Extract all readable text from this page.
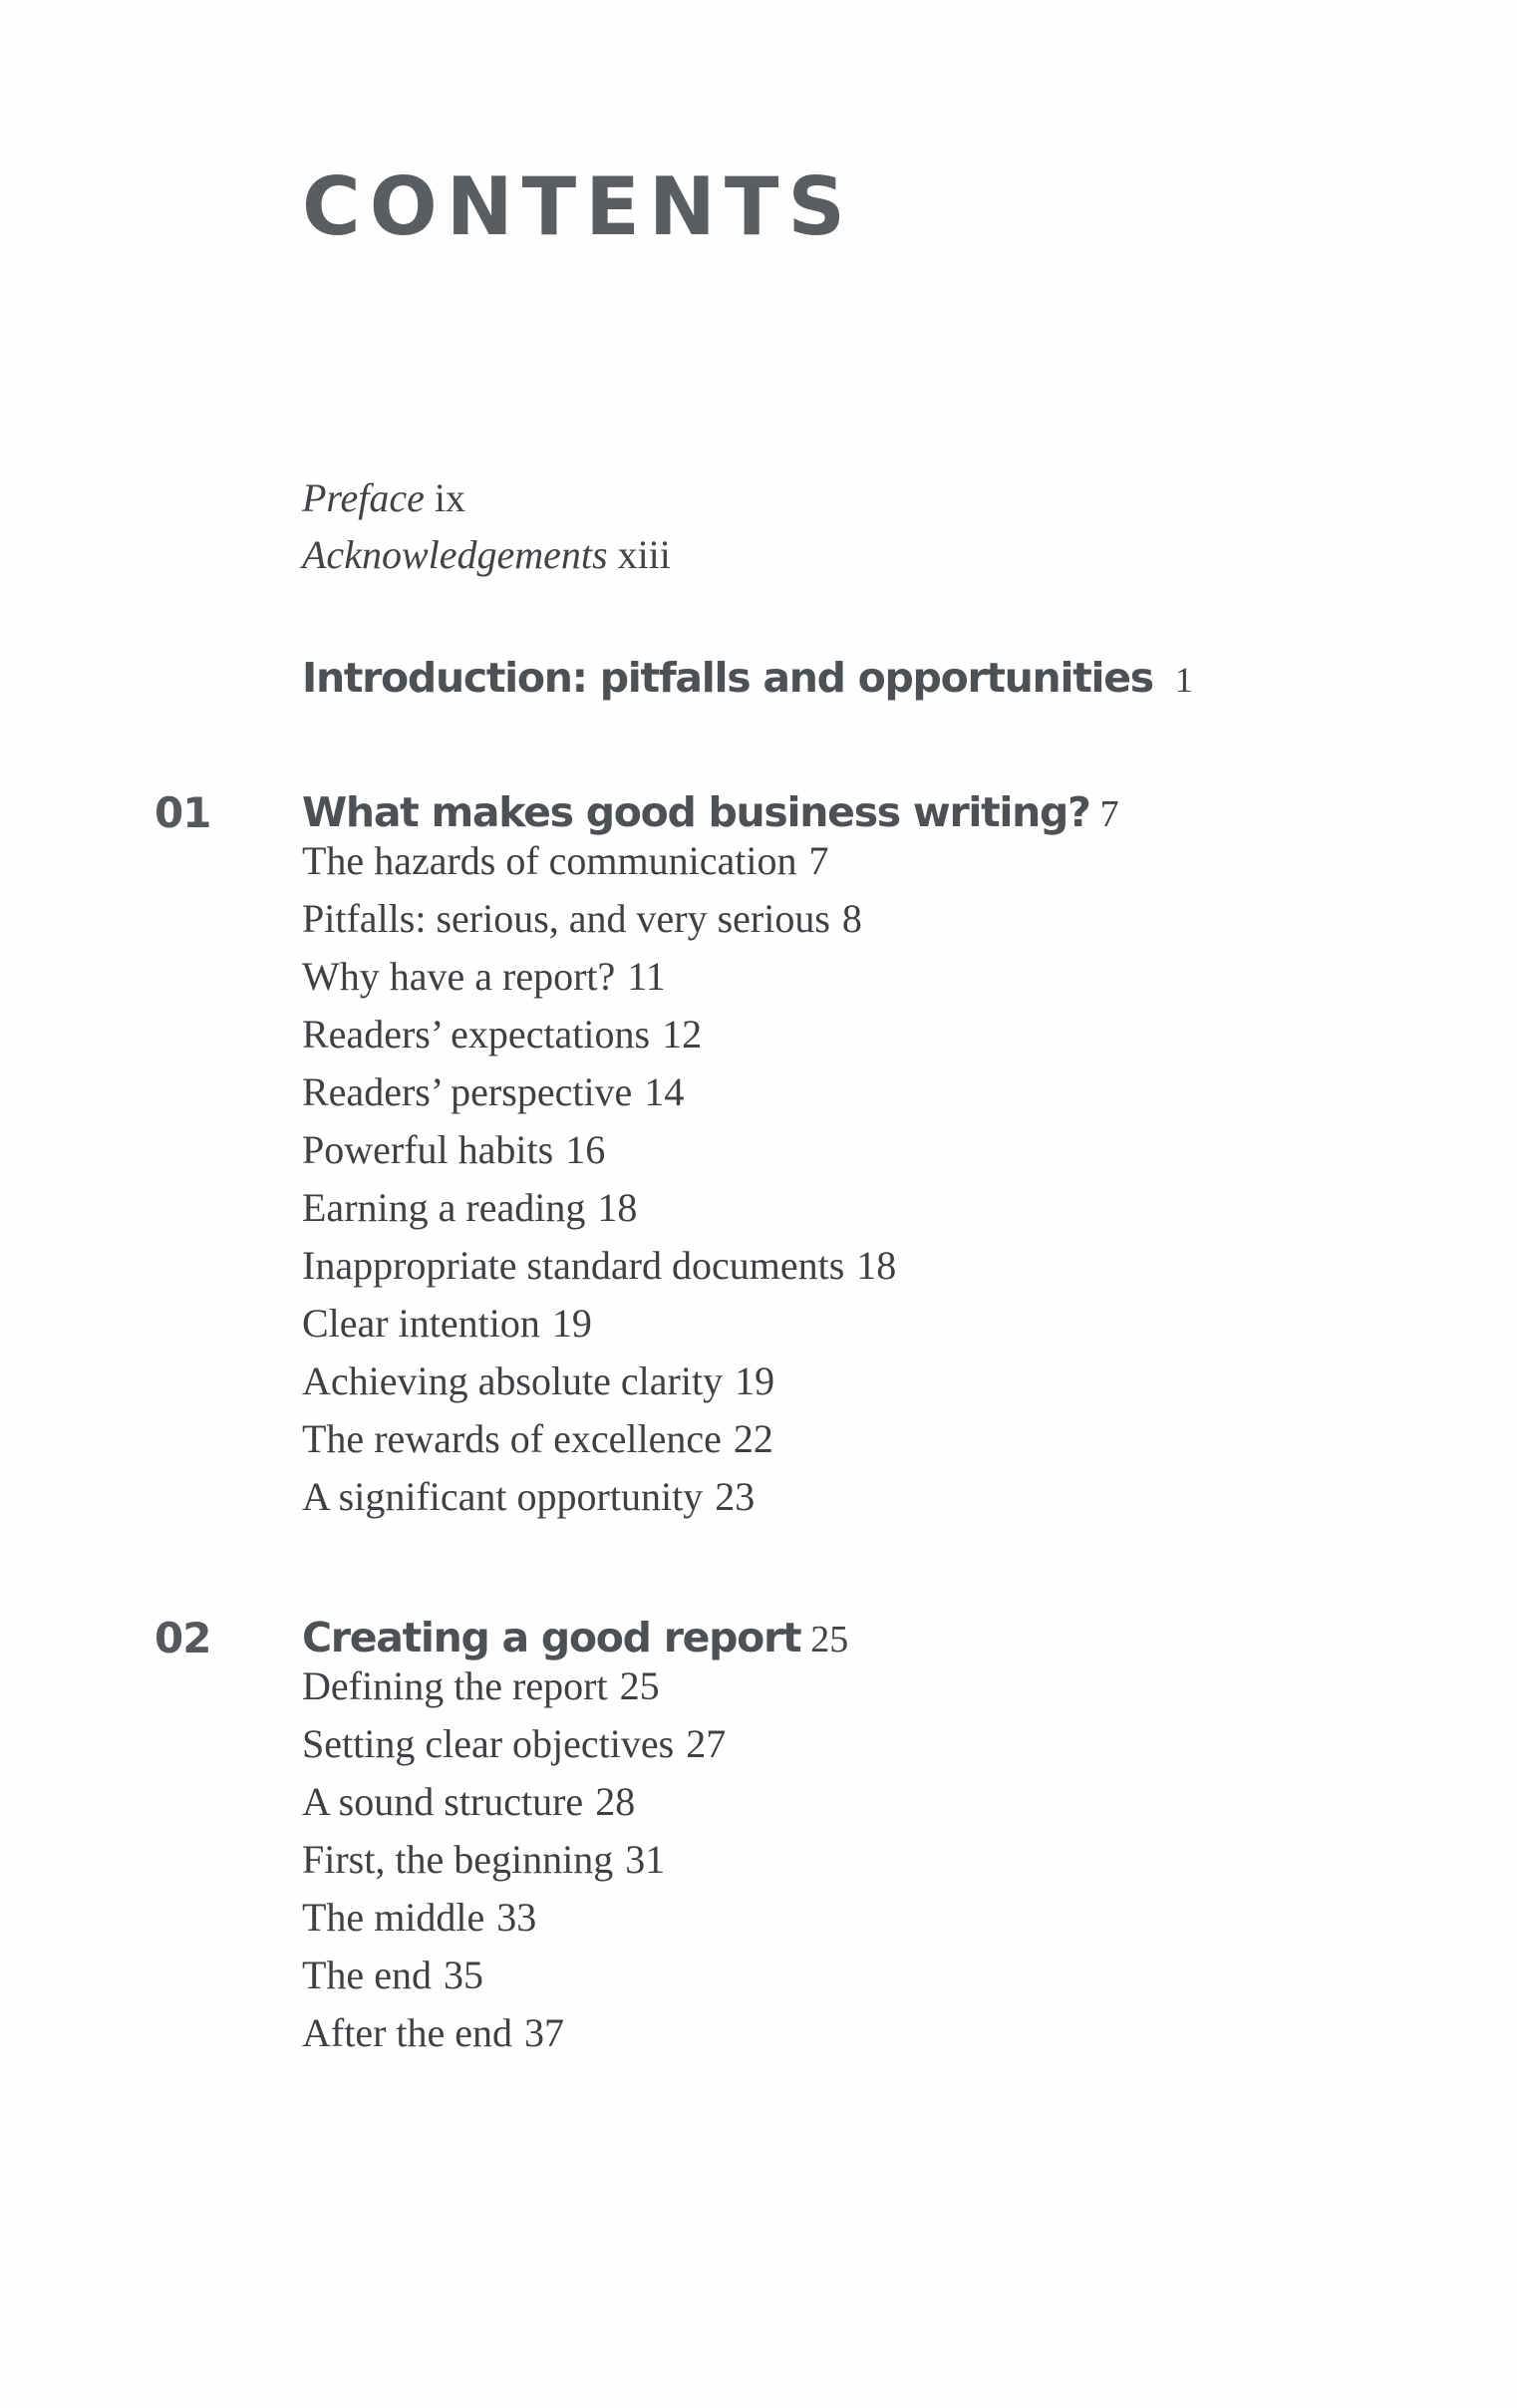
CONTENTS
Preface ix
Acknowledgements xiii
Introduction: pitfalls and opportunities 1
01 What makes good business writing? 7
The hazards of communication 7
Pitfalls: serious, and very serious 8
Why have a report? 11
Readers’ expectations 12
Readers’ perspective 14
Powerful habits 16
Earning a reading 18
Inappropriate standard documents 18
Clear intention 19
Achieving absolute clarity 19
The rewards of excellence 22
A significant opportunity 23
02 Creating a good report 25
Defining the report 25
Setting clear objectives 27
A sound structure 28
First, the beginning 31
The middle 33
The end 35
After the end 37
